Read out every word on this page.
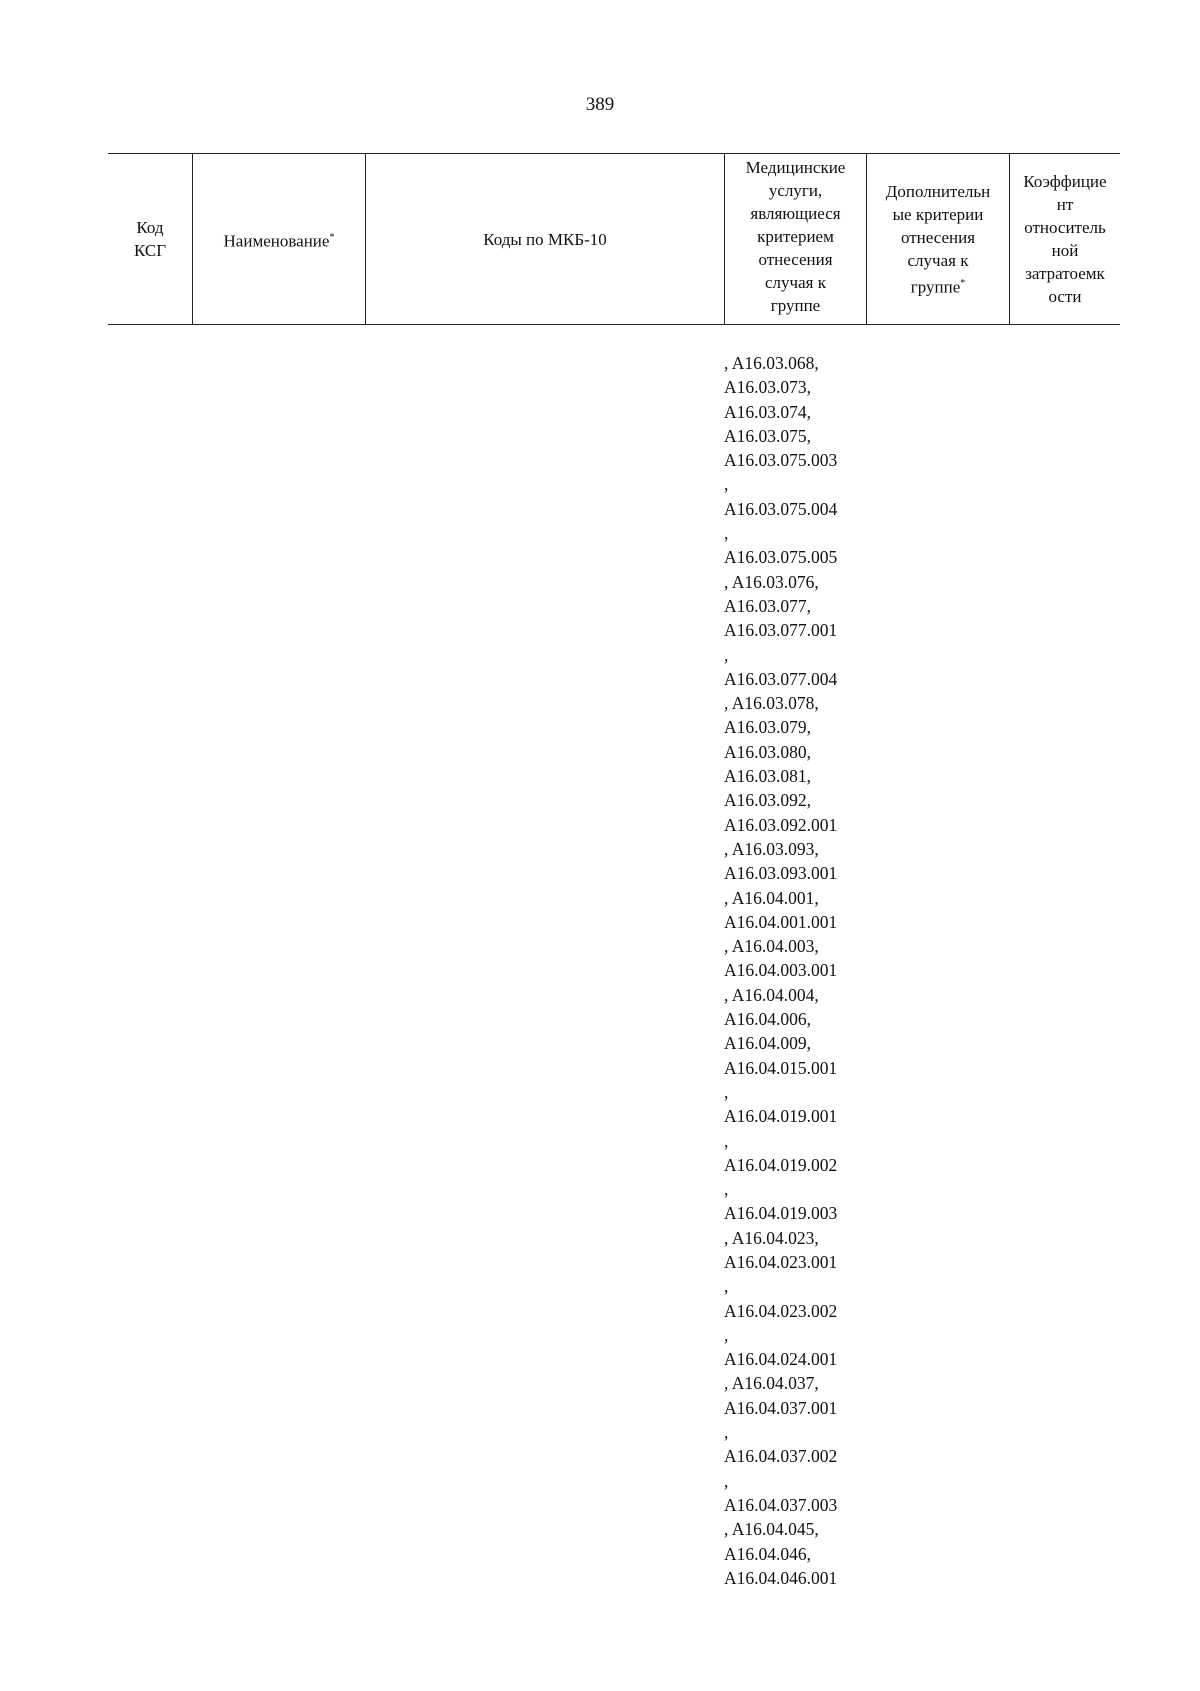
389
Код
КСГ
Наименование*	Коды по МКБ-10
Медицинские
услуги,
являющиеся
критерием
отнесения
случая к
группе
Дополнительн
ые критерии
отнесения
случая к
группе*
Коэффицие
нт
относитель
ной
затратоемк
ости
, A16.03.068,
A16.03.073,
A16.03.074,
A16.03.075,
A16.03.075.003
,
A16.03.075.004
,
A16.03.075.005
, A16.03.076,
A16.03.077,
A16.03.077.001
,
A16.03.077.004
, A16.03.078,
A16.03.079,
A16.03.080,
A16.03.081,
A16.03.092,
A16.03.092.001
, A16.03.093,
A16.03.093.001
, A16.04.001,
A16.04.001.001
, A16.04.003,
A16.04.003.001
, A16.04.004,
A16.04.006,
A16.04.009,
A16.04.015.001
,
A16.04.019.001
,
A16.04.019.002
,
A16.04.019.003
, A16.04.023,
A16.04.023.001
,
A16.04.023.002
,
A16.04.024.001
, A16.04.037,
A16.04.037.001
,
A16.04.037.002
,
A16.04.037.003
, A16.04.045,
A16.04.046,
A16.04.046.001
